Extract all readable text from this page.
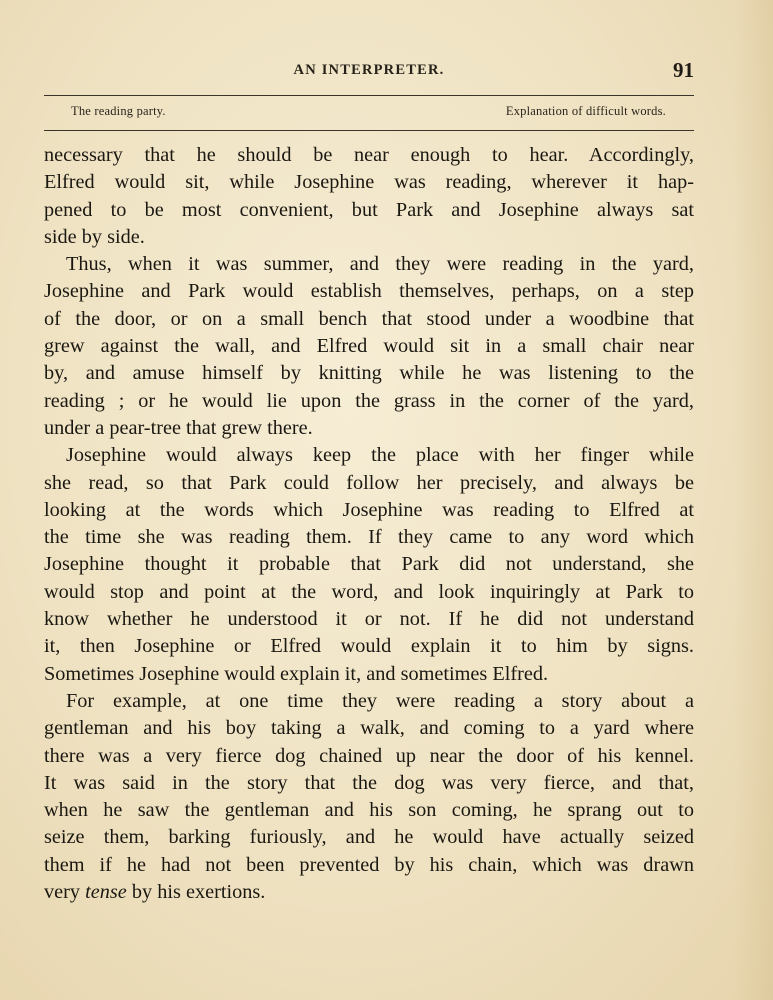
AN INTERPRETER.	91
The reading party.	Explanation of difficult words.
necessary that he should be near enough to hear. Accordingly,
Elfred would sit, while Josephine was reading, wherever it hap-
pened to be most convenient, but Park and Josephine always sat
side by side.
Thus, when it was summer, and they were reading in the yard,
Josephine and Park would establish themselves, perhaps, on a step
of the door, or on a small bench that stood under a woodbine that
grew against the wall, and Elfred would sit in a small chair near
by, and amuse himself by knitting while he was listening to the
reading ; or he would lie upon the grass in the corner of the yard,
under a pear-tree that grew there.
Josephine would always keep the place with her finger while
she read, so that Park could follow her precisely, and always be
looking at the words which Josephine was reading to Elfred at
the time she was reading them. If they came to any word which
Josephine thought it probable that Park did not understand, she
would stop and point at the word, and look inquiringly at Park to
know whether he understood it or not. If he did not understand
it, then Josephine or Elfred would explain it to him by signs.
Sometimes Josephine would explain it, and sometimes Elfred.
For example, at one time they were reading a story about a
gentleman and his boy taking a walk, and coming to a yard where
there was a very fierce dog chained up near the door of his kennel.
It was said in the story that the dog was very fierce, and that,
when he saw the gentleman and his son coming, he sprang out to
seize them, barking furiously, and he would have actually seized
them if he had not been prevented by his chain, which was drawn
very tense by his exertions.
